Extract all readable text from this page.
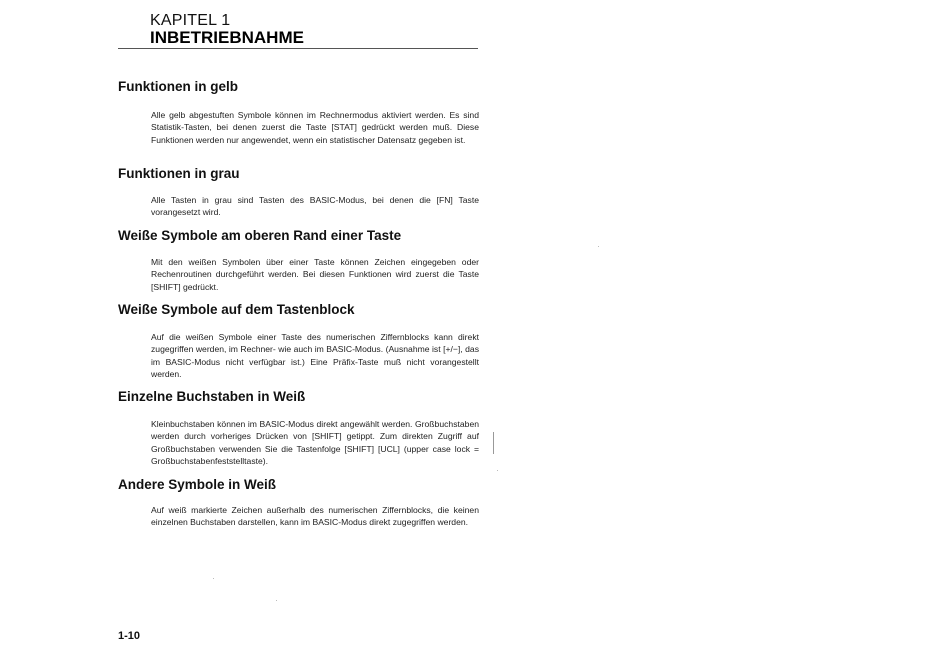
KAPITEL 1
INBETRIEBNAHME
Funktionen in gelb
Alle gelb abgestuften Symbole können im Rechnermodus aktiviert werden. Es sind Statistik-Tasten, bei denen zuerst die Taste [STAT] gedrückt werden muß. Diese Funktionen werden nur angewendet, wenn ein statistischer Datensatz gegeben ist.
Funktionen in grau
Alle Tasten in grau sind Tasten des BASIC-Modus, bei denen die [FN] Taste vorangesetzt wird.
Weiße Symbole am oberen Rand einer Taste
Mit den weißen Symbolen über einer Taste können Zeichen eingegeben oder Rechenroutinen durchgeführt werden. Bei diesen Funktionen wird zuerst die Taste [SHIFT] gedrückt.
Weiße Symbole auf dem Tastenblock
Auf die weißen Symbole einer Taste des numerischen Ziffernblocks kann direkt zugegriffen werden, im Rechner- wie auch im BASIC-Modus. (Ausnahme ist [+/−], das im BASIC-Modus nicht verfügbar ist.) Eine Präfix-Taste muß nicht vorangestellt werden.
Einzelne Buchstaben in Weiß
Kleinbuchstaben können im BASIC-Modus direkt angewählt werden. Großbuchstaben werden durch vorheriges Drücken von [SHIFT] getippt. Zum direkten Zugriff auf Großbuchstaben verwenden Sie die Tastenfolge [SHIFT] [UCL] (upper case lock = Großbuchstabenfeststelltaste).
Andere Symbole in Weiß
Auf weiß markierte Zeichen außerhalb des numerischen Ziffernblocks, die keinen einzelnen Buchstaben darstellen, kann im BASIC-Modus direkt zugegriffen werden.
1-10
